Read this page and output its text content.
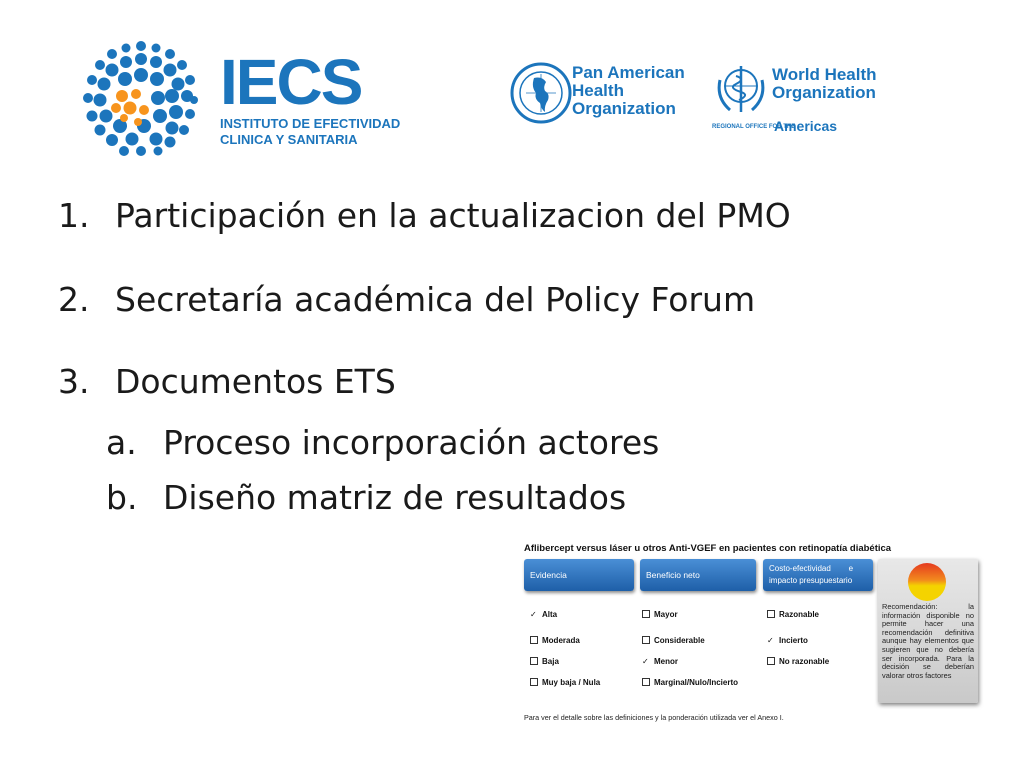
IECS
INSTITUTO DE EFECTIVIDAD
CLINICA Y SANITARIA
Pan American
Health
Organization
World Health
Organization
REGIONAL OFFICE FOR THE
Americas
1. Participación en la actualizacion del PMO
2. Secretaría académica del Policy Forum
3. Documentos ETS
a. Proceso incorporación actores
b. Diseño matriz de resultados
Aflibercept versus láser u otros Anti-VGEF en pacientes con retinopatía diabética
Evidencia	Beneficio neto
Costo-efectividad        e
impacto presupuestario
✓ Alta
Moderada
Baja
Muy baja / Nula
Mayor
Considerable
✓ Menor
Marginal/Nulo/Incierto
Razonable
✓ Incierto
No razonable
Recomendación: la información disponible no permite hacer una recomendación definitiva aunque hay elementos que sugieren que no debería ser incorporada. Para la decisión se deberían valorar otros factores
Para ver el detalle sobre las definiciones y la ponderación utilizada ver el Anexo I.
